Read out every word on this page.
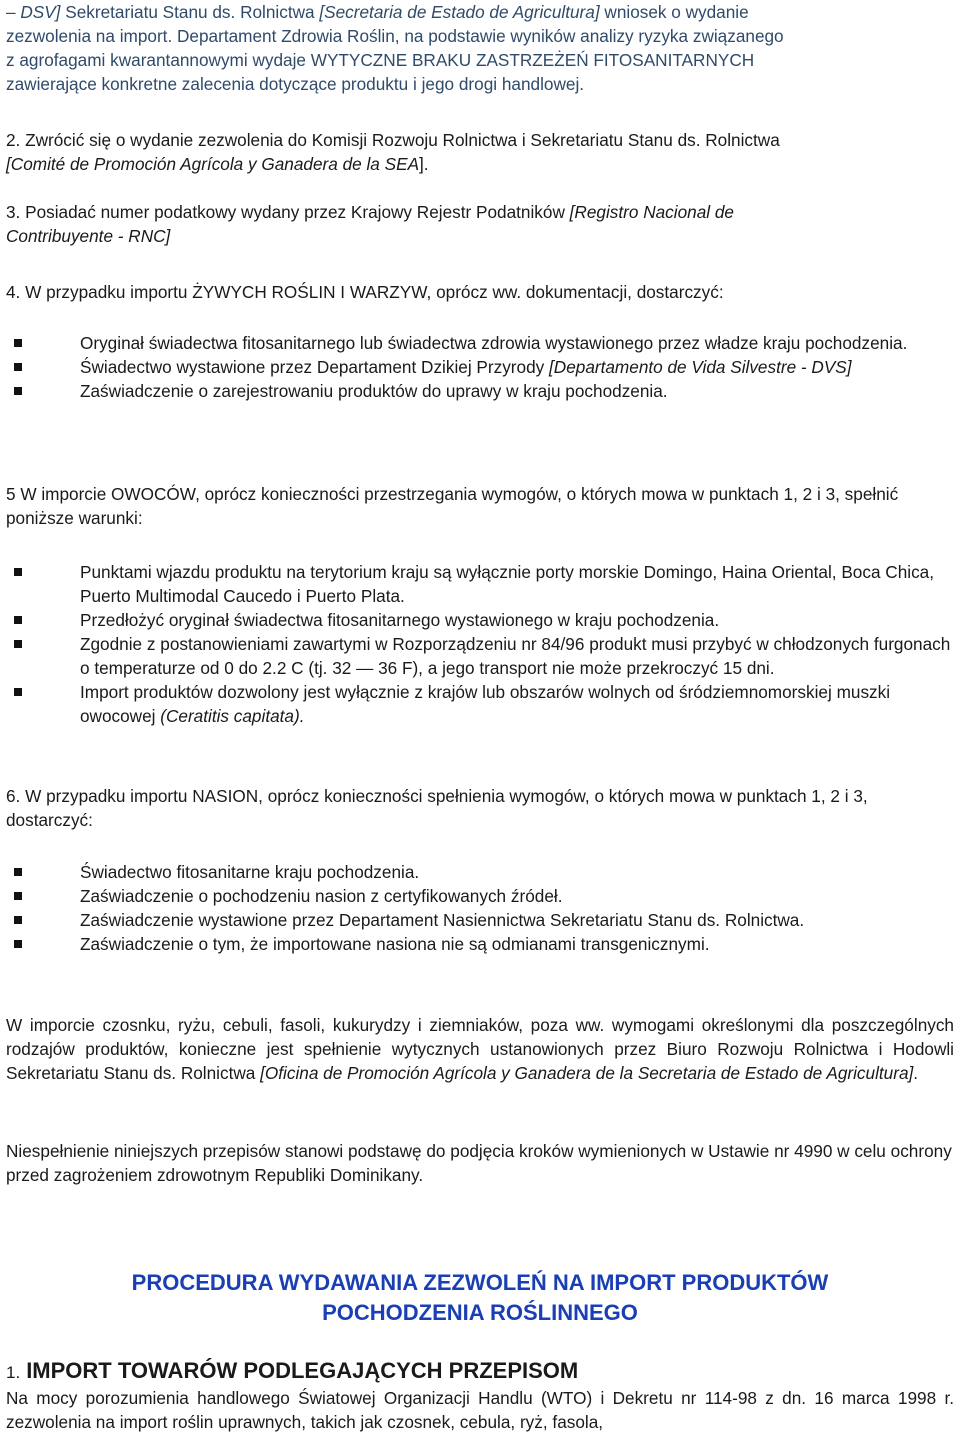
– DSV] Sekretariatu Stanu ds. Rolnictwa [Secretaria de Estado de Agricultura] wniosek o wydanie
zezwolenia na import. Departament Zdrowia Roślin, na podstawie wyników analizy ryzyka związanego
z agrofagami kwarantannowymi wydaje WYTYCZNE BRAKU ZASTRZEŻEŃ FITOSANITARNYCH
zawierające konkretne zalecenia dotyczące produktu i jego drogi handlowej.
2. Zwrócić się o wydanie zezwolenia do Komisji Rozwoju Rolnictwa i Sekretariatu Stanu ds. Rolnictwa
[Comité de Promoción Agrícola y Ganadera de la SEA].
3. Posiadać numer podatkowy wydany przez Krajowy Rejestr Podatników [Registro Nacional de
Contribuyente - RNC]
4. W przypadku importu ŻYWYCH ROŚLIN I WARZYW, oprócz ww. dokumentacji, dostarczyć:
Oryginał świadectwa fitosanitarnego lub świadectwa zdrowia wystawionego przez władze kraju pochodzenia.
Świadectwo wystawione przez Departament Dzikiej Przyrody [Departamento de Vida Silvestre - DVS]
Zaświadczenie o zarejestrowaniu produktów do uprawy w kraju pochodzenia.
5 W imporcie OWOCÓW, oprócz konieczności przestrzegania wymogów, o których mowa w punktach 1, 2 i 3, spełnić poniższe warunki:
Punktami wjazdu produktu na terytorium kraju są wyłącznie porty morskie Domingo, Haina Oriental, Boca Chica, Puerto Multimodal Caucedo i Puerto Plata.
Przedłożyć oryginał świadectwa fitosanitarnego wystawionego w kraju pochodzenia.
Zgodnie z postanowieniami zawartymi w Rozporządzeniu nr 84/96 produkt musi przybyć w chłodzonych furgonach o temperaturze od 0 do 2.2 C (tj. 32 — 36 F), a jego transport nie może przekroczyć 15 dni.
Import produktów dozwolony jest wyłącznie z krajów lub obszarów wolnych od śródziemnomorskiej muszki owocowej (Ceratitis capitata).
6. W przypadku importu NASION, oprócz konieczności spełnienia wymogów, o których mowa w punktach 1, 2 i 3, dostarczyć:
Świadectwo fitosanitarne kraju pochodzenia.
Zaświadczenie o pochodzeniu nasion z certyfikowanych źródeł.
Zaświadczenie wystawione przez Departament Nasiennictwa Sekretariatu Stanu ds. Rolnictwa.
Zaświadczenie o tym, że importowane nasiona nie są odmianami transgenicznymi.
W imporcie czosnku, ryżu, cebuli, fasoli, kukurydzy i ziemniaków, poza ww. wymogami określonymi dla poszczególnych rodzajów produktów, konieczne jest spełnienie wytycznych ustanowionych przez Biuro Rozwoju Rolnictwa i Hodowli Sekretariatu Stanu ds. Rolnictwa [Oficina de Promoción Agrícola y Ganadera de la Secretaria de Estado de Agricultura].
Niespełnienie niniejszych przepisów stanowi podstawę do podjęcia kroków wymienionych w Ustawie nr 4990 w celu ochrony przed zagrożeniem zdrowotnym Republiki Dominikany.
PROCEDURA WYDAWANIA ZEZWOLEŃ NA IMPORT PRODUKTÓW
POCHODZENIA ROŚLINNEGO
1. IMPORT TOWARÓW PODLEGAJĄCYCH PRZEPISOM
Na mocy porozumienia handlowego Światowej Organizacji Handlu (WTO) i Dekretu nr 114-98 z dn. 16 marca 1998 r. zezwolenia na import roślin uprawnych, takich jak czosnek, cebula, ryż, fasola,
